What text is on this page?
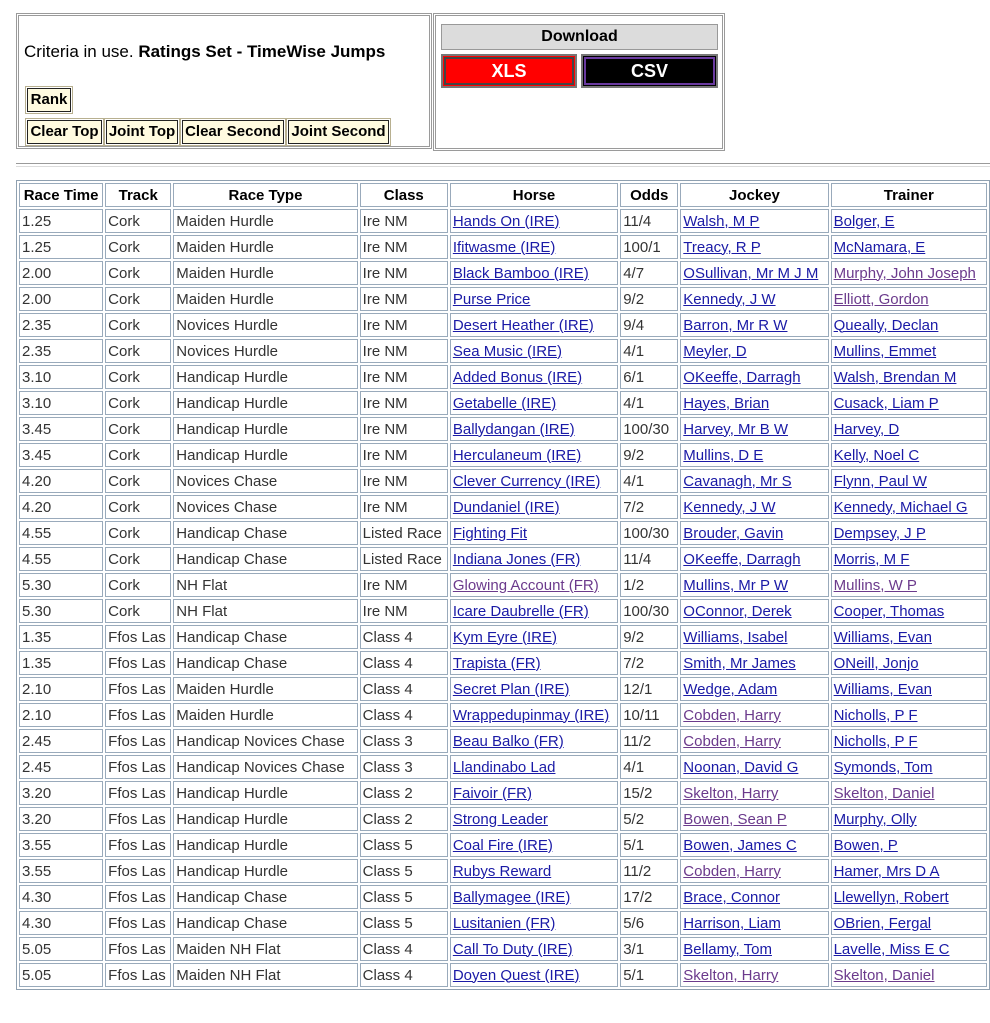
Criteria in use. Ratings Set - TimeWise Jumps
Rank
Clear Top Joint Top Clear Second Joint Second
Download
XLS	CSV
Race Time	Track	Race Type	Class	Horse	Odds	Jockey	Trainer
1.25	Cork	Maiden Hurdle	Ire NM	Hands On (IRE)	11/4	Walsh, M P	Bolger, E
1.25	Cork	Maiden Hurdle	Ire NM	Ifitwasme (IRE)	100/1	Treacy, R P	McNamara, E
2.00	Cork	Maiden Hurdle	Ire NM	Black Bamboo (IRE)	4/7	OSullivan, Mr M J M	Murphy, John Joseph
2.00	Cork	Maiden Hurdle	Ire NM	Purse Price	9/2	Kennedy, J W	Elliott, Gordon
2.35	Cork	Novices Hurdle	Ire NM	Desert Heather (IRE)	9/4	Barron, Mr R W	Queally, Declan
2.35	Cork	Novices Hurdle	Ire NM	Sea Music (IRE)	4/1	Meyler, D	Mullins, Emmet
3.10	Cork	Handicap Hurdle	Ire NM	Added Bonus (IRE)	6/1	OKeeffe, Darragh	Walsh, Brendan M
3.10	Cork	Handicap Hurdle	Ire NM	Getabelle (IRE)	4/1	Hayes, Brian	Cusack, Liam P
3.45	Cork	Handicap Hurdle	Ire NM	Ballydangan (IRE)	100/30	Harvey, Mr B W	Harvey, D
3.45	Cork	Handicap Hurdle	Ire NM	Herculaneum (IRE)	9/2	Mullins, D E	Kelly, Noel C
4.20	Cork	Novices Chase	Ire NM	Clever Currency (IRE)	4/1	Cavanagh, Mr S	Flynn, Paul W
4.20	Cork	Novices Chase	Ire NM	Dundaniel (IRE)	7/2	Kennedy, J W	Kennedy, Michael G
4.55	Cork	Handicap Chase	Listed Race	Fighting Fit	100/30	Brouder, Gavin	Dempsey, J P
4.55	Cork	Handicap Chase	Listed Race	Indiana Jones (FR)	11/4	OKeeffe, Darragh	Morris, M F
5.30	Cork	NH Flat	Ire NM	Glowing Account (FR)	1/2	Mullins, Mr P W	Mullins, W P
5.30	Cork	NH Flat	Ire NM	Icare Daubrelle (FR)	100/30	OConnor, Derek	Cooper, Thomas
1.35	Ffos Las	Handicap Chase	Class 4	Kym Eyre (IRE)	9/2	Williams, Isabel	Williams, Evan
1.35	Ffos Las	Handicap Chase	Class 4	Trapista (FR)	7/2	Smith, Mr James	ONeill, Jonjo
2.10	Ffos Las	Maiden Hurdle	Class 4	Secret Plan (IRE)	12/1	Wedge, Adam	Williams, Evan
2.10	Ffos Las	Maiden Hurdle	Class 4	Wrappedupinmay (IRE)	10/11	Cobden, Harry	Nicholls, P F
2.45	Ffos Las	Handicap Novices Chase	Class 3	Beau Balko (FR)	11/2	Cobden, Harry	Nicholls, P F
2.45	Ffos Las	Handicap Novices Chase	Class 3	Llandinabo Lad	4/1	Noonan, David G	Symonds, Tom
3.20	Ffos Las	Handicap Hurdle	Class 2	Faivoir (FR)	15/2	Skelton, Harry	Skelton, Daniel
3.20	Ffos Las	Handicap Hurdle	Class 2	Strong Leader	5/2	Bowen, Sean P	Murphy, Olly
3.55	Ffos Las	Handicap Hurdle	Class 5	Coal Fire (IRE)	5/1	Bowen, James C	Bowen, P
3.55	Ffos Las	Handicap Hurdle	Class 5	Rubys Reward	11/2	Cobden, Harry	Hamer, Mrs D A
4.30	Ffos Las	Handicap Chase	Class 5	Ballymagee (IRE)	17/2	Brace, Connor	Llewellyn, Robert
4.30	Ffos Las	Handicap Chase	Class 5	Lusitanien (FR)	5/6	Harrison, Liam	OBrien, Fergal
5.05	Ffos Las	Maiden NH Flat	Class 4	Call To Duty (IRE)	3/1	Bellamy, Tom	Lavelle, Miss E C
5.05	Ffos Las	Maiden NH Flat	Class 4	Doyen Quest (IRE)	5/1	Skelton, Harry	Skelton, Daniel
